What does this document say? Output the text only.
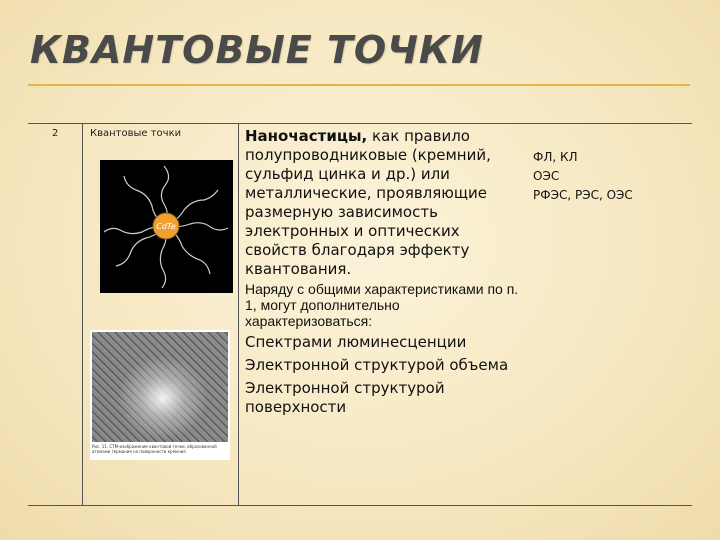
КВАНТОВЫЕ ТОЧКИ
2	Квантовые точки
CdTe
Рис. 11. СТМ-изображение квантовой точки, образованной атомами германия на поверхности кремния

Наночастицы, как правило полупроводниковые (кремний, сульфид цинка и др.) или металлические, проявляющие размерную зависимость электронных и оптических свойств благодаря эффекту квантования.

Наряду с общими характеристиками по п. 1, могут дополнительно характеризоваться:

Спектрами люминесценции

Электронной структурой объема

Электронной структурой поверхности

ФЛ, КЛ
ОЭС
РФЭС, РЭС, ОЭС
